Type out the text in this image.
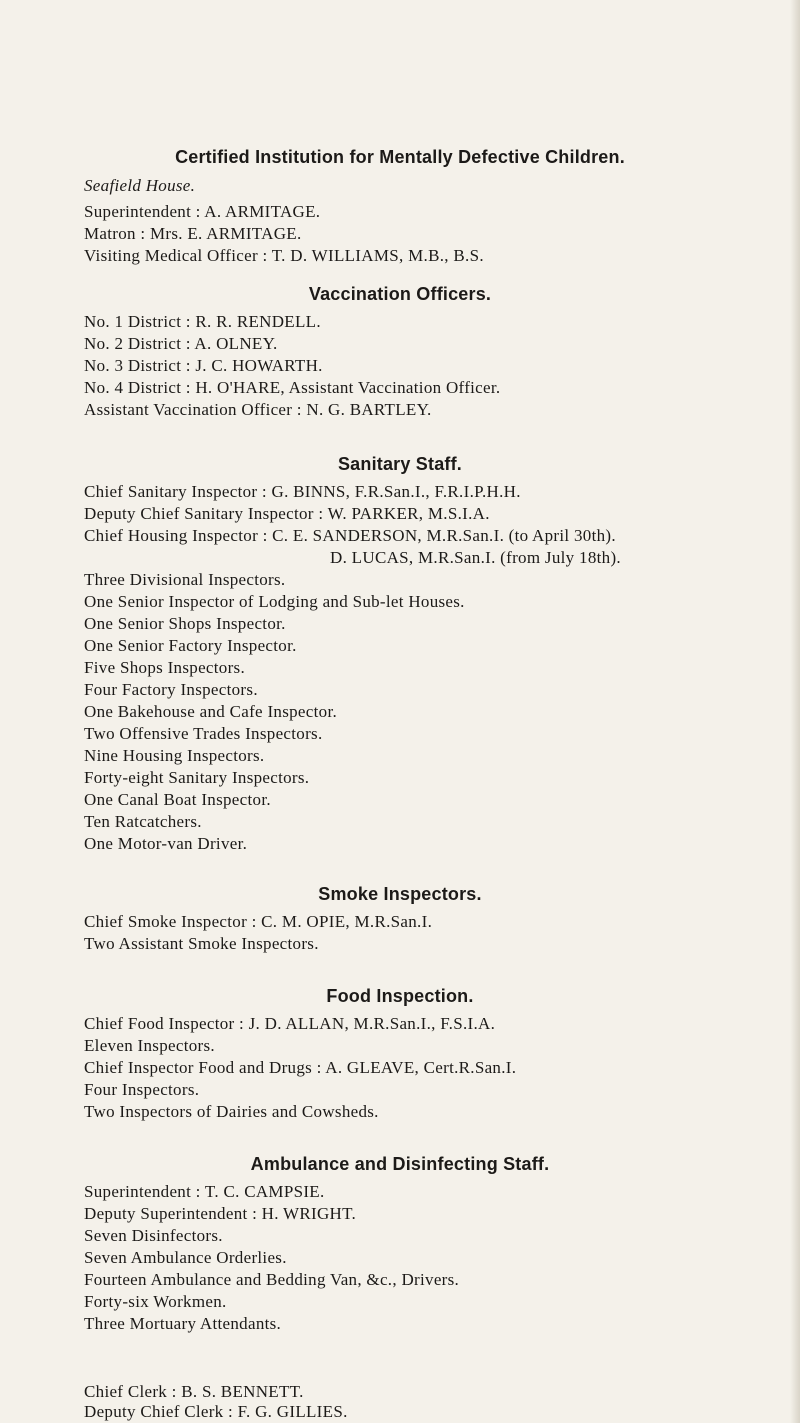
Certified Institution for Mentally Defective Children.
Seafield House.
Superintendent : A. ARMITAGE.
Matron : Mrs. E. ARMITAGE.
Visiting Medical Officer : T. D. WILLIAMS, M.B., B.S.
Vaccination Officers.
No. 1 District : R. R. RENDELL.
No. 2 District : A. OLNEY.
No. 3 District : J. C. HOWARTH.
No. 4 District : H. O'HARE, Assistant Vaccination Officer.
Assistant Vaccination Officer : N. G. BARTLEY.
Sanitary Staff.
Chief Sanitary Inspector : G. BINNS, F.R.San.I., F.R.I.P.H.H.
Deputy Chief Sanitary Inspector : W. PARKER, M.S.I.A.
Chief Housing Inspector : C. E. SANDERSON, M.R.San.I. (to April 30th).
D. LUCAS, M.R.San.I. (from July 18th).
Three Divisional Inspectors.
One Senior Inspector of Lodging and Sub-let Houses.
One Senior Shops Inspector.
One Senior Factory Inspector.
Five Shops Inspectors.
Four Factory Inspectors.
One Bakehouse and Cafe Inspector.
Two Offensive Trades Inspectors.
Nine Housing Inspectors.
Forty-eight Sanitary Inspectors.
One Canal Boat Inspector.
Ten Ratcatchers.
One Motor-van Driver.
Smoke Inspectors.
Chief Smoke Inspector : C. M. OPIE, M.R.San.I.
Two Assistant Smoke Inspectors.
Food Inspection.
Chief Food Inspector : J. D. ALLAN, M.R.San.I., F.S.I.A.
Eleven Inspectors.
Chief Inspector Food and Drugs : A. GLEAVE, Cert.R.San.I.
Four Inspectors.
Two Inspectors of Dairies and Cowsheds.
Ambulance and Disinfecting Staff.
Superintendent : T. C. CAMPSIE.
Deputy Superintendent : H. WRIGHT.
Seven Disinfectors.
Seven Ambulance Orderlies.
Fourteen Ambulance and Bedding Van, &c., Drivers.
Forty-six Workmen.
Three Mortuary Attendants.
Chief Clerk : B. S. BENNETT.
Deputy Chief Clerk : F. G. GILLIES.
